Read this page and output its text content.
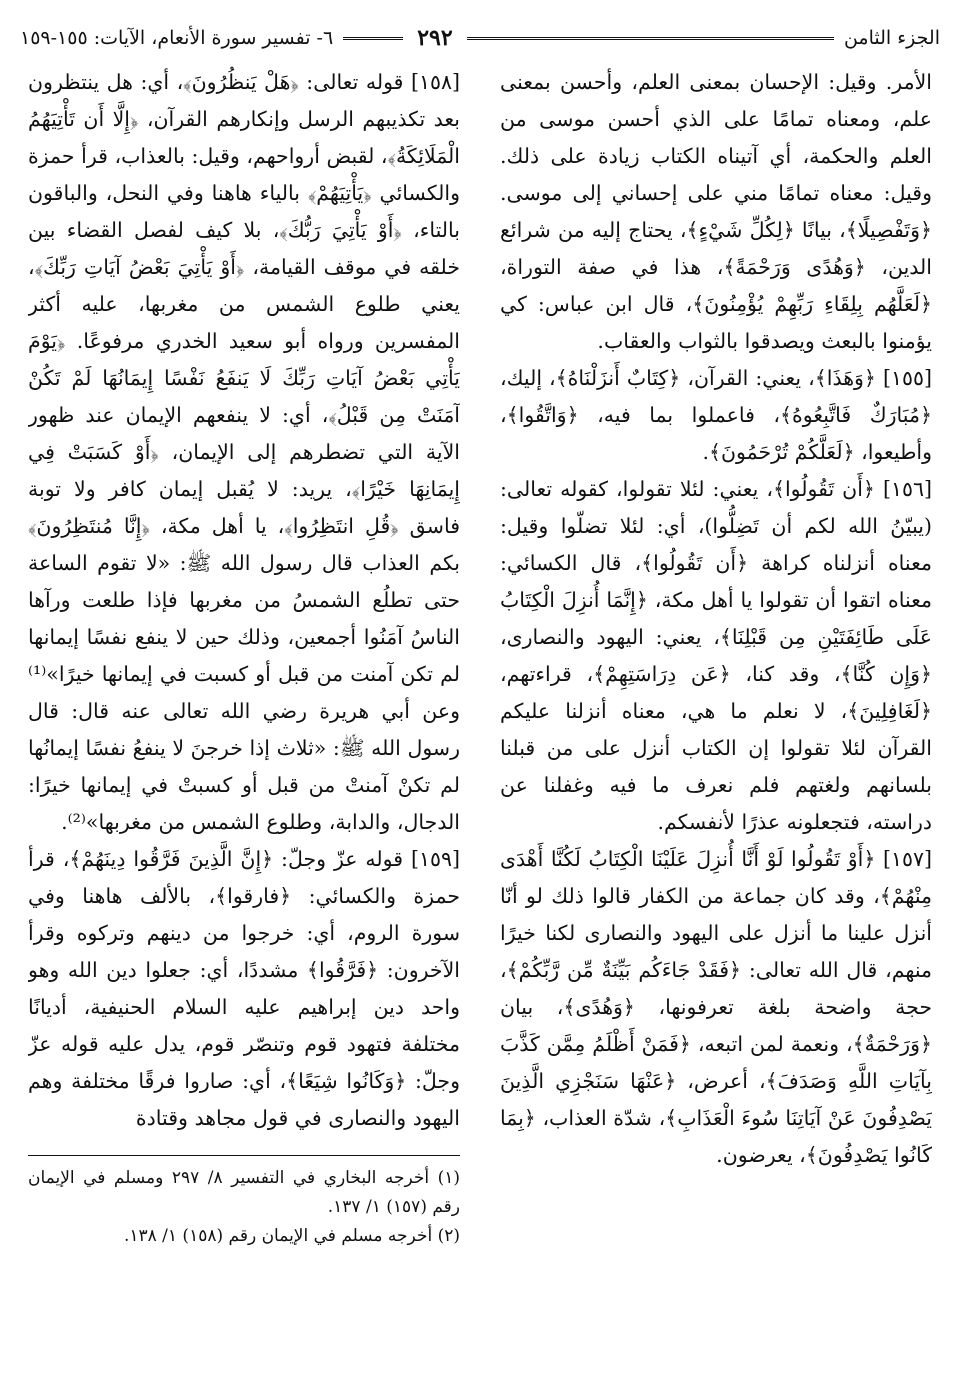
الجزء الثامن
٢٩٢
٦- تفسير سورة الأنعام، الآيات: ١٥٥-١٥٩

الأمر. وقيل: الإحسان بمعنى العلم، وأحسن بمعنى علم، ومعناه تمامًا على الذي أحسن موسى من العلم والحكمة، أي آتيناه الكتاب زيادة على ذلك. وقيل: معناه تمامًا مني على إحساني إلى موسى. ﴿وَتَفْصِيلًا﴾، بيانًا ﴿لِكُلِّ شَيْءٍ﴾، يحتاج إليه من شرائع الدين، ﴿وَهُدًى وَرَحْمَةً﴾، هذا في صفة التوراة، ﴿لَعَلَّهُم بِلِقَاءِ رَبِّهِمْ يُؤْمِنُونَ﴾، قال ابن عباس: كي يؤمنوا بالبعث ويصدقوا بالثواب والعقاب.

[١٥٥] ﴿وَهَذَا﴾، يعني: القرآن، ﴿كِتَابٌ أَنزَلْنَاهُ﴾، إليك، ﴿مُبَارَكٌ فَاتَّبِعُوهُ﴾، فاعملوا بما فيه، ﴿وَاتَّقُوا﴾، وأطيعوا، ﴿لَعَلَّكُمْ تُرْحَمُونَ﴾.

[١٥٦] ﴿أَن تَقُولُوا﴾، يعني: لئلا تقولوا، كقوله تعالى: (يبيّنُ الله لكم أن تَضِلُّوا)، أي: لئلا تضلّوا وقيل: معناه أنزلناه كراهة ﴿أَن تَقُولُوا﴾، قال الكسائي: معناه اتقوا أن تقولوا يا أهل مكة، ﴿إِنَّمَا أُنزِلَ الْكِتَابُ عَلَى طَائِفَتَيْنِ مِن قَبْلِنَا﴾، يعني: اليهود والنصارى، ﴿وَإِن كُنَّا﴾، وقد كنا، ﴿عَن دِرَاسَتِهِمْ﴾، قراءتهم، ﴿لَغَافِلِينَ﴾، لا نعلم ما هي، معناه أنزلنا عليكم القرآن لئلا تقولوا إن الكتاب أنزل على من قبلنا بلسانهم ولغتهم فلم نعرف ما فيه وغفلنا عن دراسته، فتجعلونه عذرًا لأنفسكم.

[١٥٧] ﴿أَوْ تَقُولُوا لَوْ أَنَّا أُنزِلَ عَلَيْنَا الْكِتَابُ لَكُنَّا أَهْدَى مِنْهُمْ﴾، وقد كان جماعة من الكفار قالوا ذلك لو أنّا أنزل علينا ما أنزل على اليهود والنصارى لكنا خيرًا منهم، قال الله تعالى: ﴿فَقَدْ جَاءَكُم بَيِّنَةٌ مِّن رَّبِّكُمْ﴾، حجة واضحة بلغة تعرفونها، ﴿وَهُدًى﴾، بيان ﴿وَرَحْمَةٌ﴾، ونعمة لمن اتبعه، ﴿فَمَنْ أَظْلَمُ مِمَّن كَذَّبَ بِآيَاتِ اللَّهِ وَصَدَفَ﴾، أعرض، ﴿عَنْهَا سَنَجْزِي الَّذِينَ يَصْدِفُونَ عَنْ آيَاتِنَا سُوءَ الْعَذَابِ﴾، شدّة العذاب، ﴿بِمَا كَانُوا يَصْدِفُونَ﴾، يعرضون.

[١٥٨] قوله تعالى: ﴿هَلْ يَنظُرُونَ﴾، أي: هل ينتظرون بعد تكذيبهم الرسل وإنكارهم القرآن، ﴿إِلَّا أَن تَأْتِيَهُمُ الْمَلَائِكَةُ﴾، لقبض أرواحهم، وقيل: بالعذاب، قرأ حمزة والكسائي ﴿يَأْتِيَهُمْ﴾ بالياء هاهنا وفي النحل، والباقون بالتاء، ﴿أَوْ يَأْتِيَ رَبُّكَ﴾، بلا كيف لفصل القضاء بين خلقه في موقف القيامة، ﴿أَوْ يَأْتِيَ بَعْضُ آيَاتِ رَبِّكَ﴾، يعني طلوع الشمس من مغربها، عليه أكثر المفسرين ورواه أبو سعيد الخدري مرفوعًا. ﴿يَوْمَ يَأْتِي بَعْضُ آيَاتِ رَبِّكَ لَا يَنفَعُ نَفْسًا إِيمَانُهَا لَمْ تَكُنْ آمَنَتْ مِن قَبْلُ﴾، أي: لا ينفعهم الإيمان عند ظهور الآية التي تضطرهم إلى الإيمان، ﴿أَوْ كَسَبَتْ فِي إِيمَانِهَا خَيْرًا﴾، يريد: لا يُقبل إيمان كافر ولا توبة فاسق ﴿قُلِ انتَظِرُوا﴾، يا أهل مكة، ﴿إِنَّا مُنتَظِرُونَ﴾ بكم العذاب قال رسول الله ﷺ: «لا تقوم الساعة حتى تطلُع الشمسُ من مغربها فإذا طلعت ورآها الناسُ آمَنُوا أجمعين، وذلك حين لا ينفع نفسًا إيمانها لم تكن آمنت من قبل أو كسبت في إيمانها خيرًا»⁽¹⁾ وعن أبي هريرة رضي الله تعالى عنه قال: قال رسول الله ﷺ: «ثلاث إذا خرجنَ لا ينفعُ نفسًا إيمانُها لم تكنْ آمنتْ من قبل أو كسبتْ في إيمانها خيرًا: الدجال، والدابة، وطلوع الشمس من مغربها»⁽²⁾.

[١٥٩] قوله عزّ وجلّ: ﴿إِنَّ الَّذِينَ فَرَّقُوا دِينَهُمْ﴾، قرأ حمزة والكسائي: ﴿فارقوا﴾، بالألف هاهنا وفي سورة الروم، أي: خرجوا من دينهم وتركوه وقرأ الآخرون: ﴿فَرَّقُوا﴾ مشددًا، أي: جعلوا دين الله وهو واحد دين إبراهيم عليه السلام الحنيفية، أديانًا مختلفة فتهود قوم وتنصّر قوم، يدل عليه قوله عزّ وجلّ: ﴿وَكَانُوا شِيَعًا﴾، أي: صاروا فرقًا مختلفة وهم اليهود والنصارى في قول مجاهد وقتادة

(١) أخرجه البخاري في التفسير ٨/ ٢٩٧ ومسلم في الإيمان رقم (١٥٧) ١/ ١٣٧.

(٢) أخرجه مسلم في الإيمان رقم (١٥٨) ١/ ١٣٨.
